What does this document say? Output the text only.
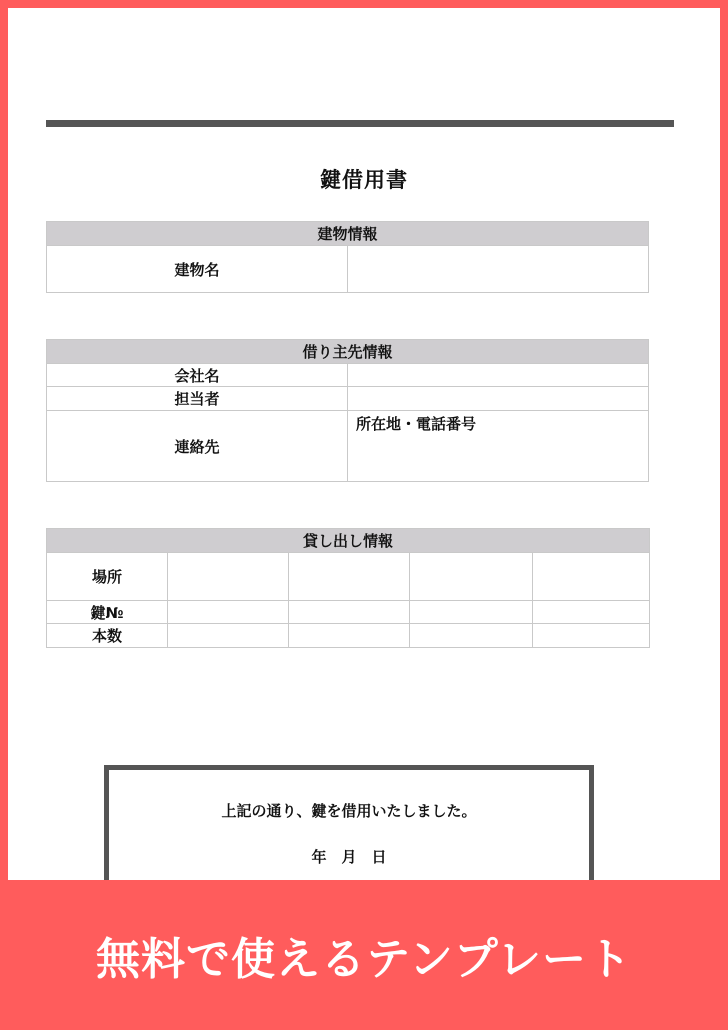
鍵借用書
建物情報
建物名	
借り主先情報	
会社名	
担当者	
連絡先	所在地・電話番号
貸し出し情報				
場所				
鍵№				
本数				
上記の通り、鍵を借用いたしました。
年　月　日
無料で使えるテンプレート
